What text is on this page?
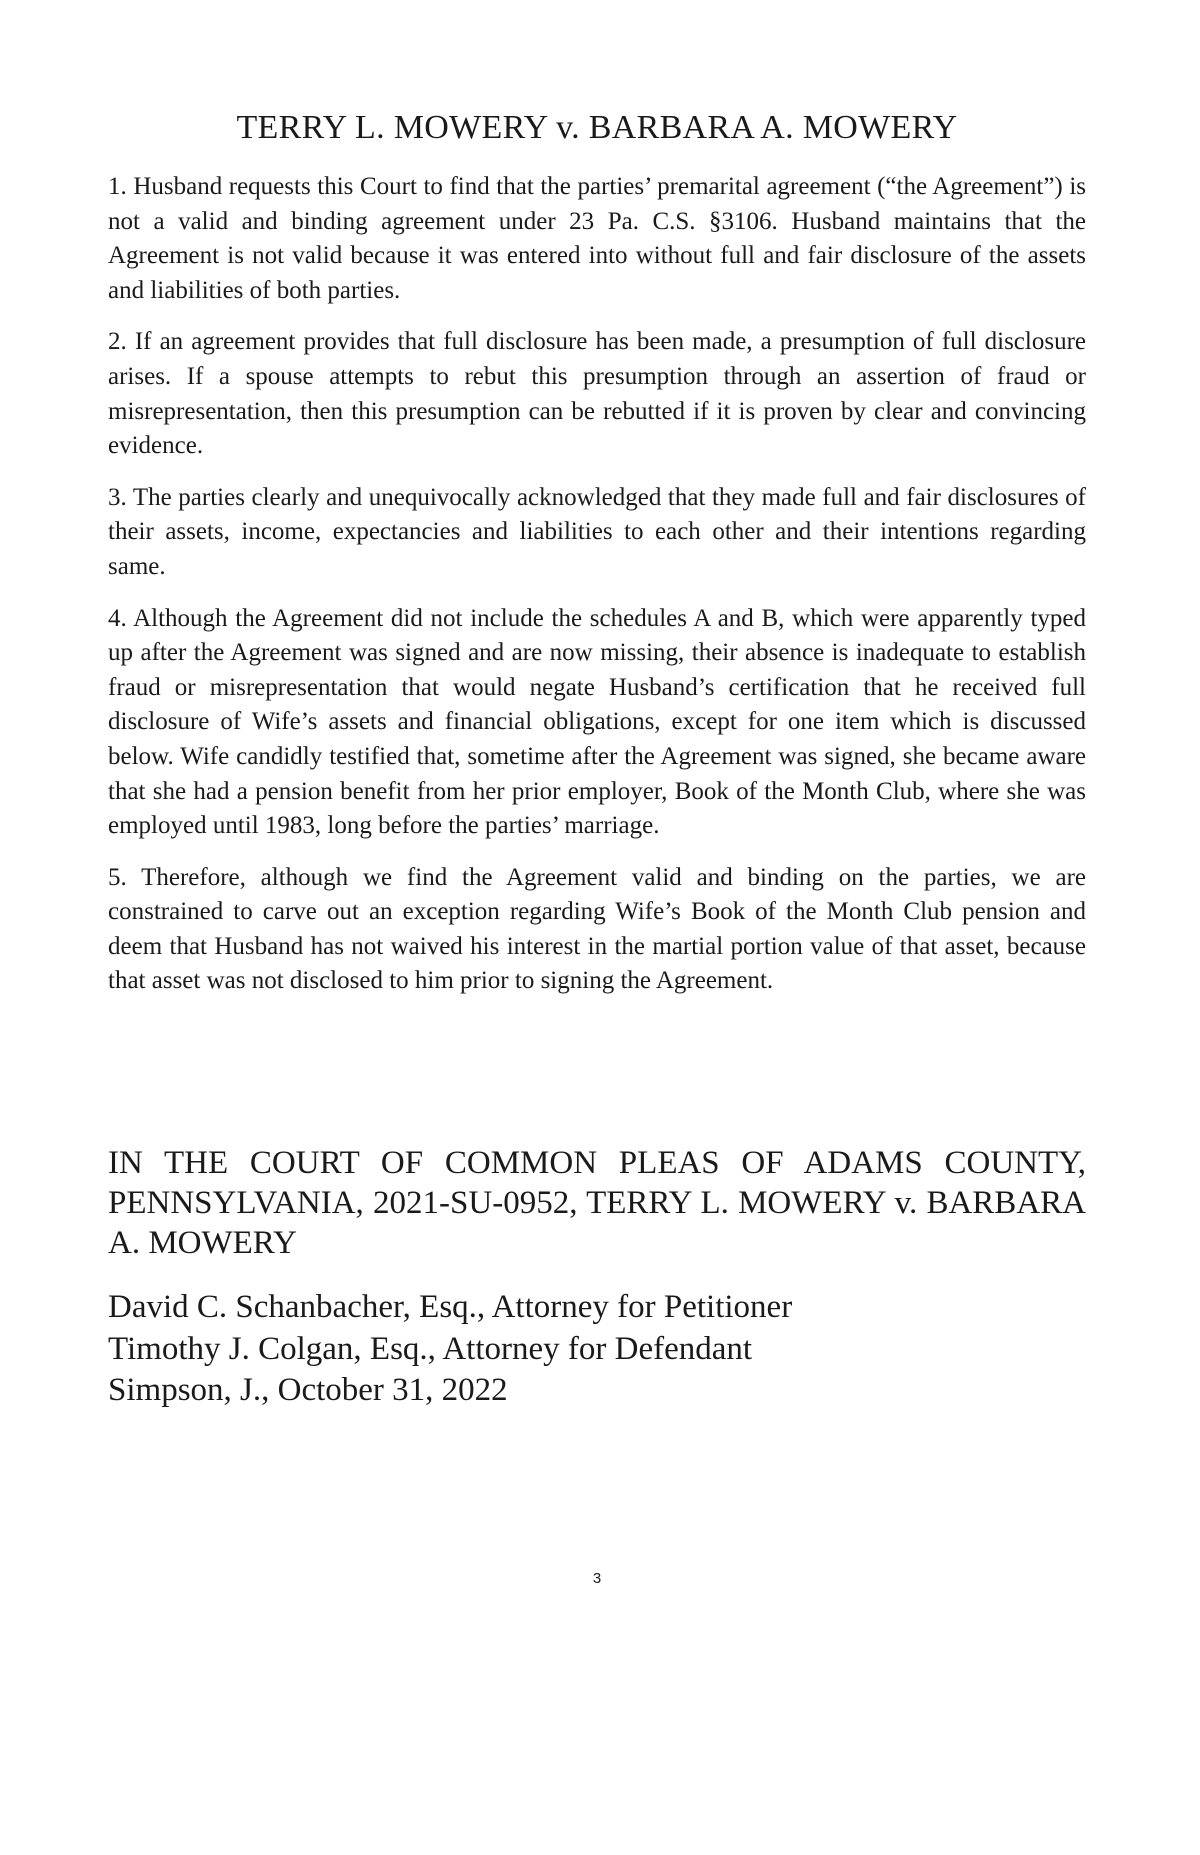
TERRY L. MOWERY v. BARBARA A. MOWERY

1. Husband requests this Court to find that the parties’ premarital agreement (“the Agreement”) is not a valid and binding agreement under 23 Pa. C.S. §3106. Husband maintains that the Agreement is not valid because it was entered into without full and fair disclosure of the assets and liabilities of both parties.

2. If an agreement provides that full disclosure has been made, a presumption of full disclosure arises. If a spouse attempts to rebut this presumption through an assertion of fraud or misrepresentation, then this presumption can be rebutted if it is proven by clear and convincing evidence.

3. The parties clearly and unequivocally acknowledged that they made full and fair disclosures of their assets, income, expectancies and liabilities to each other and their intentions regarding same.

4. Although the Agreement did not include the schedules A and B, which were apparently typed up after the Agreement was signed and are now missing, their absence is inadequate to establish fraud or misrepresentation that would negate Husband’s certification that he received full disclosure of Wife’s assets and financial obligations, except for one item which is discussed below. Wife candidly testified that, sometime after the Agreement was signed, she became aware that she had a pension benefit from her prior employer, Book of the Month Club, where she was employed until 1983, long before the parties’ marriage.

5. Therefore, although we find the Agreement valid and binding on the parties, we are constrained to carve out an exception regarding Wife’s Book of the Month Club pension and deem that Husband has not waived his interest in the martial portion value of that asset, because that asset was not disclosed to him prior to signing the Agreement.

IN THE COURT OF COMMON PLEAS OF ADAMS COUNTY, PENNSYLVANIA, 2021-SU-0952, TERRY L. MOWERY v. BARBARA A. MOWERY

David C. Schanbacher, Esq., Attorney for Petitioner
Timothy J. Colgan, Esq., Attorney for Defendant
Simpson, J., October 31, 2022

3
